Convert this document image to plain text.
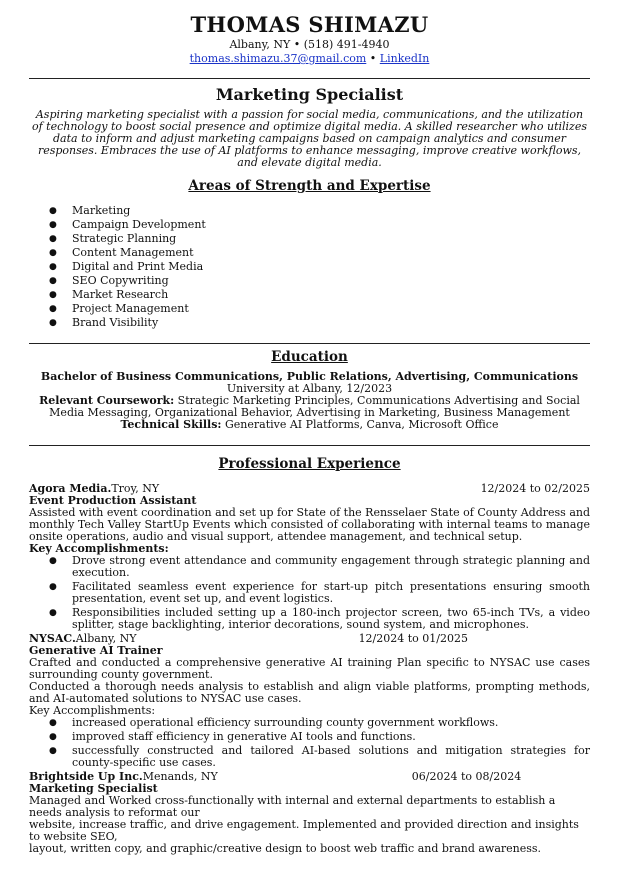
THOMAS SHIMAZU
Albany, NY • (518) 491-4940
thomas.shimazu.37@gmail.com • LinkedIn
Marketing Specialist
Aspiring marketing specialist with a passion for social media, communications, and the utilization of technology to boost social presence and optimize digital media. A skilled researcher who utilizes data to inform and adjust marketing campaigns based on campaign analytics and consumer responses. Embraces the use of AI platforms to enhance messaging, improve creative workflows, and elevate digital media.
Areas of Strength and Expertise
● Marketing
● Campaign Development
● Strategic Planning
● Content Management
● Digital and Print Media
● SEO Copywriting
● Market Research
● Project Management
● Brand Visibility
Education
Bachelor of Business Communications, Public Relations, Advertising, Communications University at Albany, 12/2023
Relevant Coursework: Strategic Marketing Principles, Communications Advertising and Social Media Messaging, Organizational Behavior, Advertising in Marketing, Business Management
Technical Skills: Generative AI Platforms, Canva, Microsoft Office
Professional Experience
Agora Media. Troy, NY	12/2024 to 02/2025
Event Production Assistant
Assisted with event coordination and set up for State of the Rensselaer State of County Address and monthly Tech Valley StartUp Events which consisted of collaborating with internal teams to manage onsite operations, audio and visual support, attendee management, and technical setup.
Key Accomplishments:
● Drove strong event attendance and community engagement through strategic planning and execution.
● Facilitated seamless event experience for start-up pitch presentations ensuring smooth presentation, event set up, and event logistics.
● Responsibilities included setting up a 180-inch projector screen, two 65-inch TVs, a video splitter, stage backlighting, interior decorations, sound system, and microphones.
NYSAC. Albany, NY	12/2024 to 01/2025
Generative AI Trainer
Crafted and conducted a comprehensive generative AI training Plan specific to NYSAC use cases surrounding county government.
Conducted a thorough needs analysis to establish and align viable platforms, prompting methods, and AI-automated solutions to NYSAC use cases.
Key Accomplishments:
● increased operational efficiency surrounding county government workflows.
● improved staff efficiency in generative AI tools and functions.
● successfully constructed and tailored AI-based solutions and mitigation strategies for county-specific use cases.
Brightside Up Inc. Menands, NY	06/2024 to 08/2024
Marketing Specialist
Managed and Worked cross-functionally with internal and external departments to establish a needs analysis to reformat our
website, increase traffic, and drive engagement. Implemented and provided direction and insights to website SEO,
layout, written copy, and graphic/creative design to boost web traffic and brand awareness.
